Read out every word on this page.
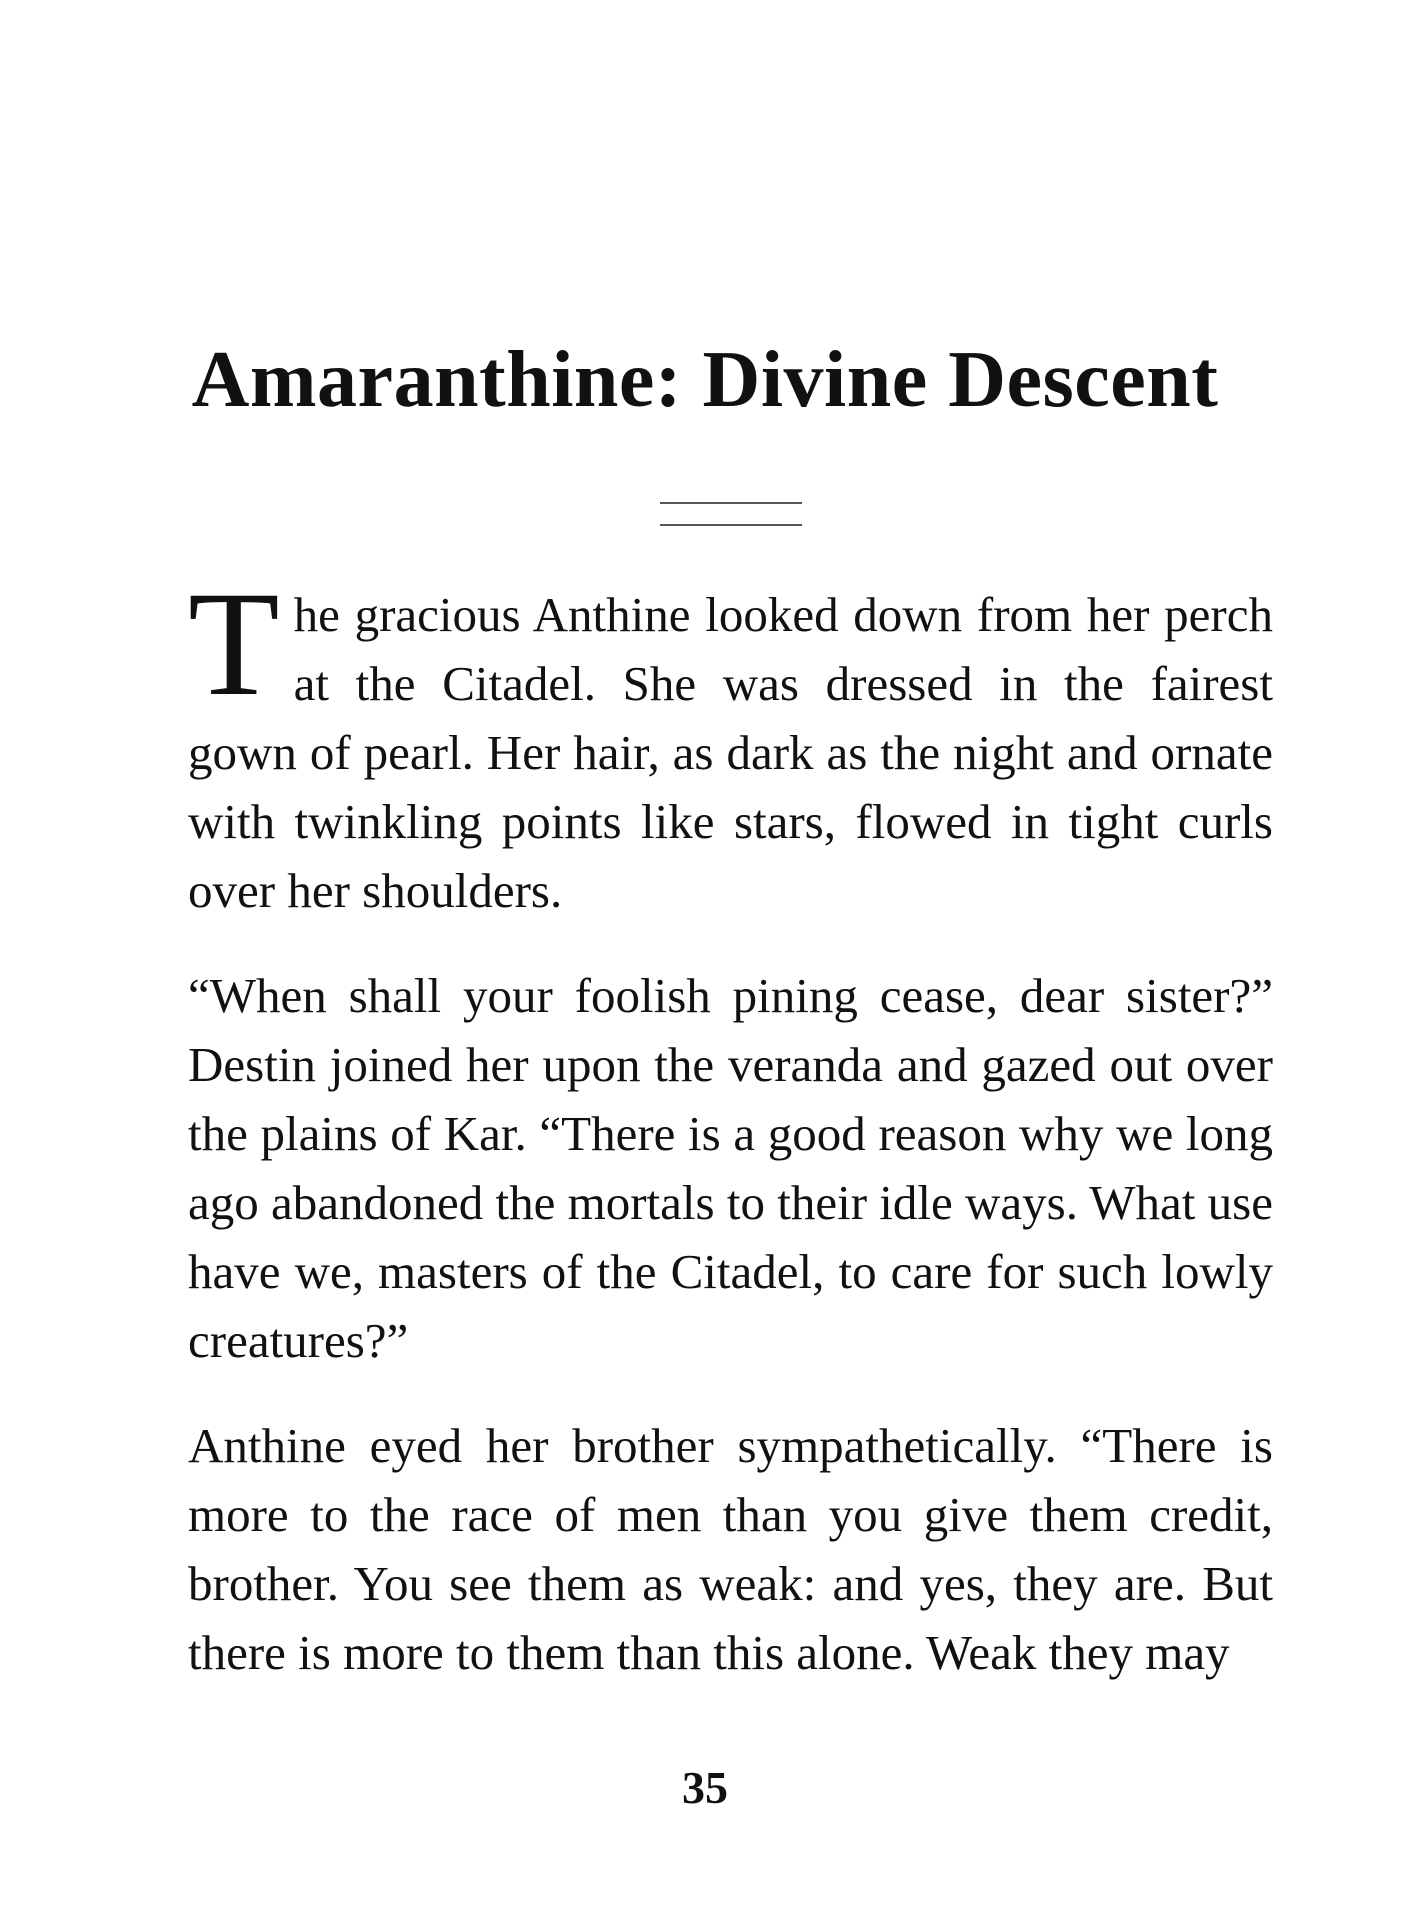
Amaranthine: Divine Descent

The gracious Anthine looked down from her perch at the Citadel. She was dressed in the fairest gown of pearl. Her hair, as dark as the night and ornate with twinkling points like stars, flowed in tight curls over her shoulders.

“When shall your foolish pining cease, dear sister?” Destin joined her upon the veranda and gazed out over the plains of Kar. “There is a good reason why we long ago abandoned the mortals to their idle ways. What use have we, masters of the Citadel, to care for such lowly creatures?”

Anthine eyed her brother sympathetically. “There is more to the race of men than you give them credit, brother. You see them as weak: and yes, they are. But there is more to them than this alone. Weak they may

35
